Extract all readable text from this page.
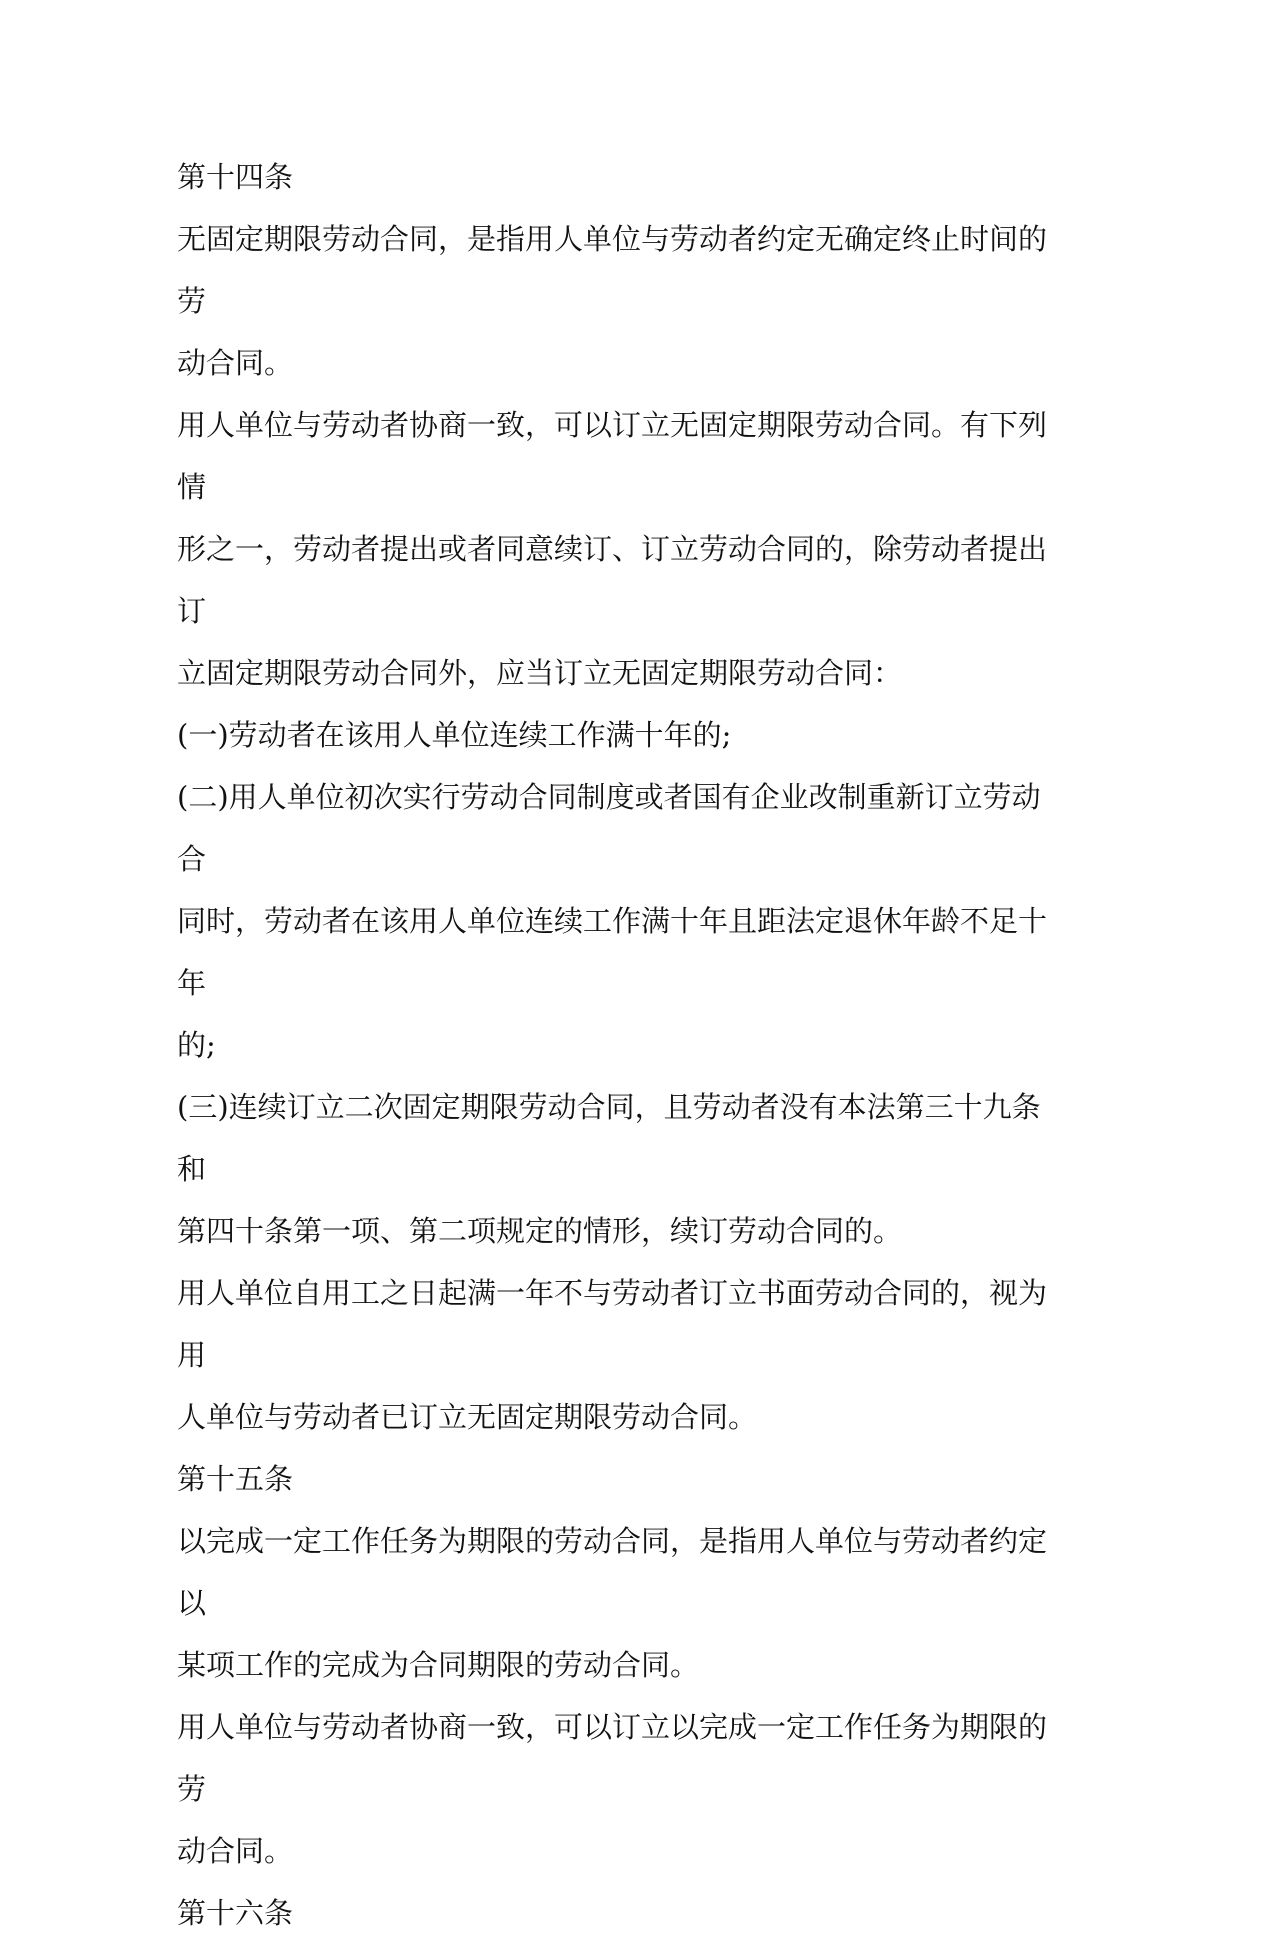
第十四条

无固定期限劳动合同，是指用人单位与劳动者约定无确定终止时间的劳

动合同。

用人单位与劳动者协商一致，可以订立无固定期限劳动合同。有下列情

形之一，劳动者提出或者同意续订、订立劳动合同的，除劳动者提出订

立固定期限劳动合同外，应当订立无固定期限劳动合同：

(一)劳动者在该用人单位连续工作满十年的;

(二)用人单位初次实行劳动合同制度或者国有企业改制重新订立劳动合

同时，劳动者在该用人单位连续工作满十年且距法定退休年龄不足十年

的;

(三)连续订立二次固定期限劳动合同，且劳动者没有本法第三十九条和

第四十条第一项、第二项规定的情形，续订劳动合同的。

用人单位自用工之日起满一年不与劳动者订立书面劳动合同的，视为用

人单位与劳动者已订立无固定期限劳动合同。

第十五条

以完成一定工作任务为期限的劳动合同，是指用人单位与劳动者约定以

某项工作的完成为合同期限的劳动合同。

用人单位与劳动者协商一致，可以订立以完成一定工作任务为期限的劳

动合同。

第十六条
